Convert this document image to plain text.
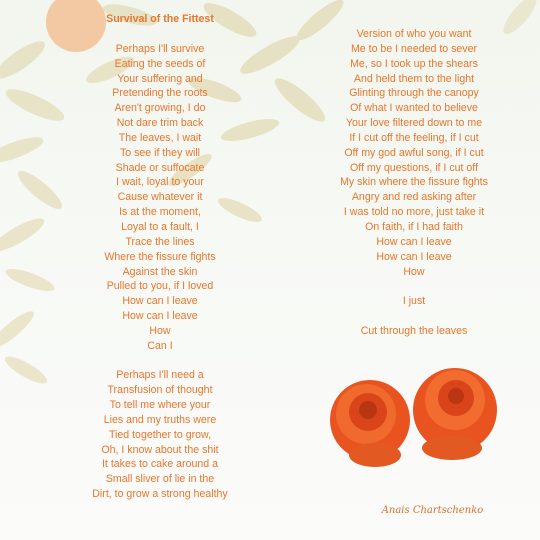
Survival of the Fittest
Perhaps I'll survive
Eating the seeds of
Your suffering and
Pretending the roots
Aren't growing, I do
Not dare trim back
The leaves, I wait
To see if they will
Shade or suffocate
I wait, loyal to your
Cause whatever it
Is at the moment,
Loyal to a fault, I
Trace the lines
Where the fissure fights
Against the skin
Pulled to you, if I loved
How can I leave
How can I leave
How
Can I
Perhaps I'll need a
Transfusion of thought
To tell me where your
Lies and my truths were
Tied together to grow,
Oh, I know about the shit
It takes to cake around a
Small sliver of lie in the
Dirt, to grow a strong healthy
Version of who you want
Me to be I needed to sever
Me, so I took up the shears
And held them to the light
Glinting through the canopy
Of what I wanted to believe
Your love filtered down to me
If I cut off the feeling, if I cut
Off my god awful song, if I cut
Off my questions, if I cut off
My skin where the fissure fights
Angry and red asking after
I was told no more, just take it
On faith, if I had faith
How can I leave
How can I leave
How
I just
Cut through the leaves
Anais Chartschenko
